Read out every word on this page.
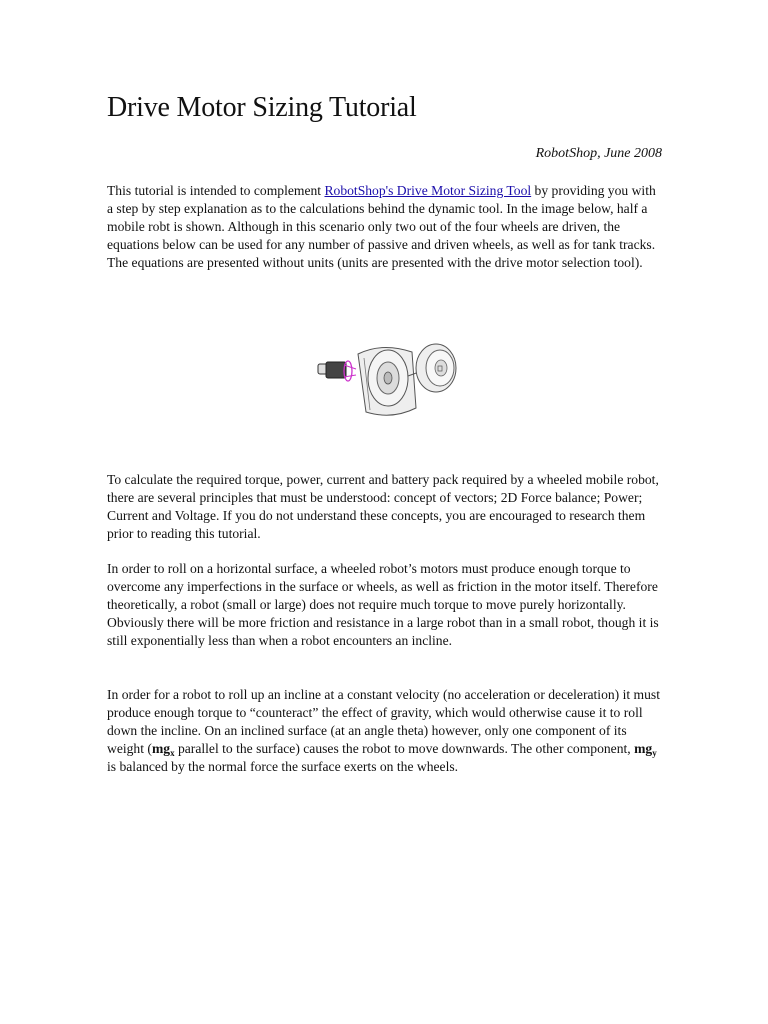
Drive Motor Sizing Tutorial
RobotShop, June 2008

This tutorial is intended to complement RobotShop's Drive Motor Sizing Tool by providing you with a step by step explanation as to the calculations behind the dynamic tool. In the image below, half a mobile robt is shown. Although in this scenario only two out of the four wheels are driven, the equations below can be used for any number of passive and driven wheels, as well as for tank tracks. The equations are presented without units (units are presented with the drive motor selection tool).

To calculate the required torque, power, current and battery pack required by a wheeled mobile robot, there are several principles that must be understood: concept of vectors; 2D Force balance; Power; Current and Voltage. If you do not understand these concepts, you are encouraged to research them prior to reading this tutorial.

In order to roll on a horizontal surface, a wheeled robot’s motors must produce enough torque to overcome any imperfections in the surface or wheels, as well as friction in the motor itself. Therefore theoretically, a robot (small or large) does not require much torque to move purely horizontally. Obviously there will be more friction and resistance in a large robot than in a small robot, though it is still exponentially less than when a robot encounters an incline.

In order for a robot to roll up an incline at a constant velocity (no acceleration or deceleration) it must produce enough torque to “counteract” the effect of gravity, which would otherwise cause it to roll down the incline. On an inclined surface (at an angle theta) however, only one component of its weight ($mg_x$ parallel to the surface) causes the robot to move downwards. The other component, $mg_y$ is balanced by the normal force the surface exerts on the wheels.
